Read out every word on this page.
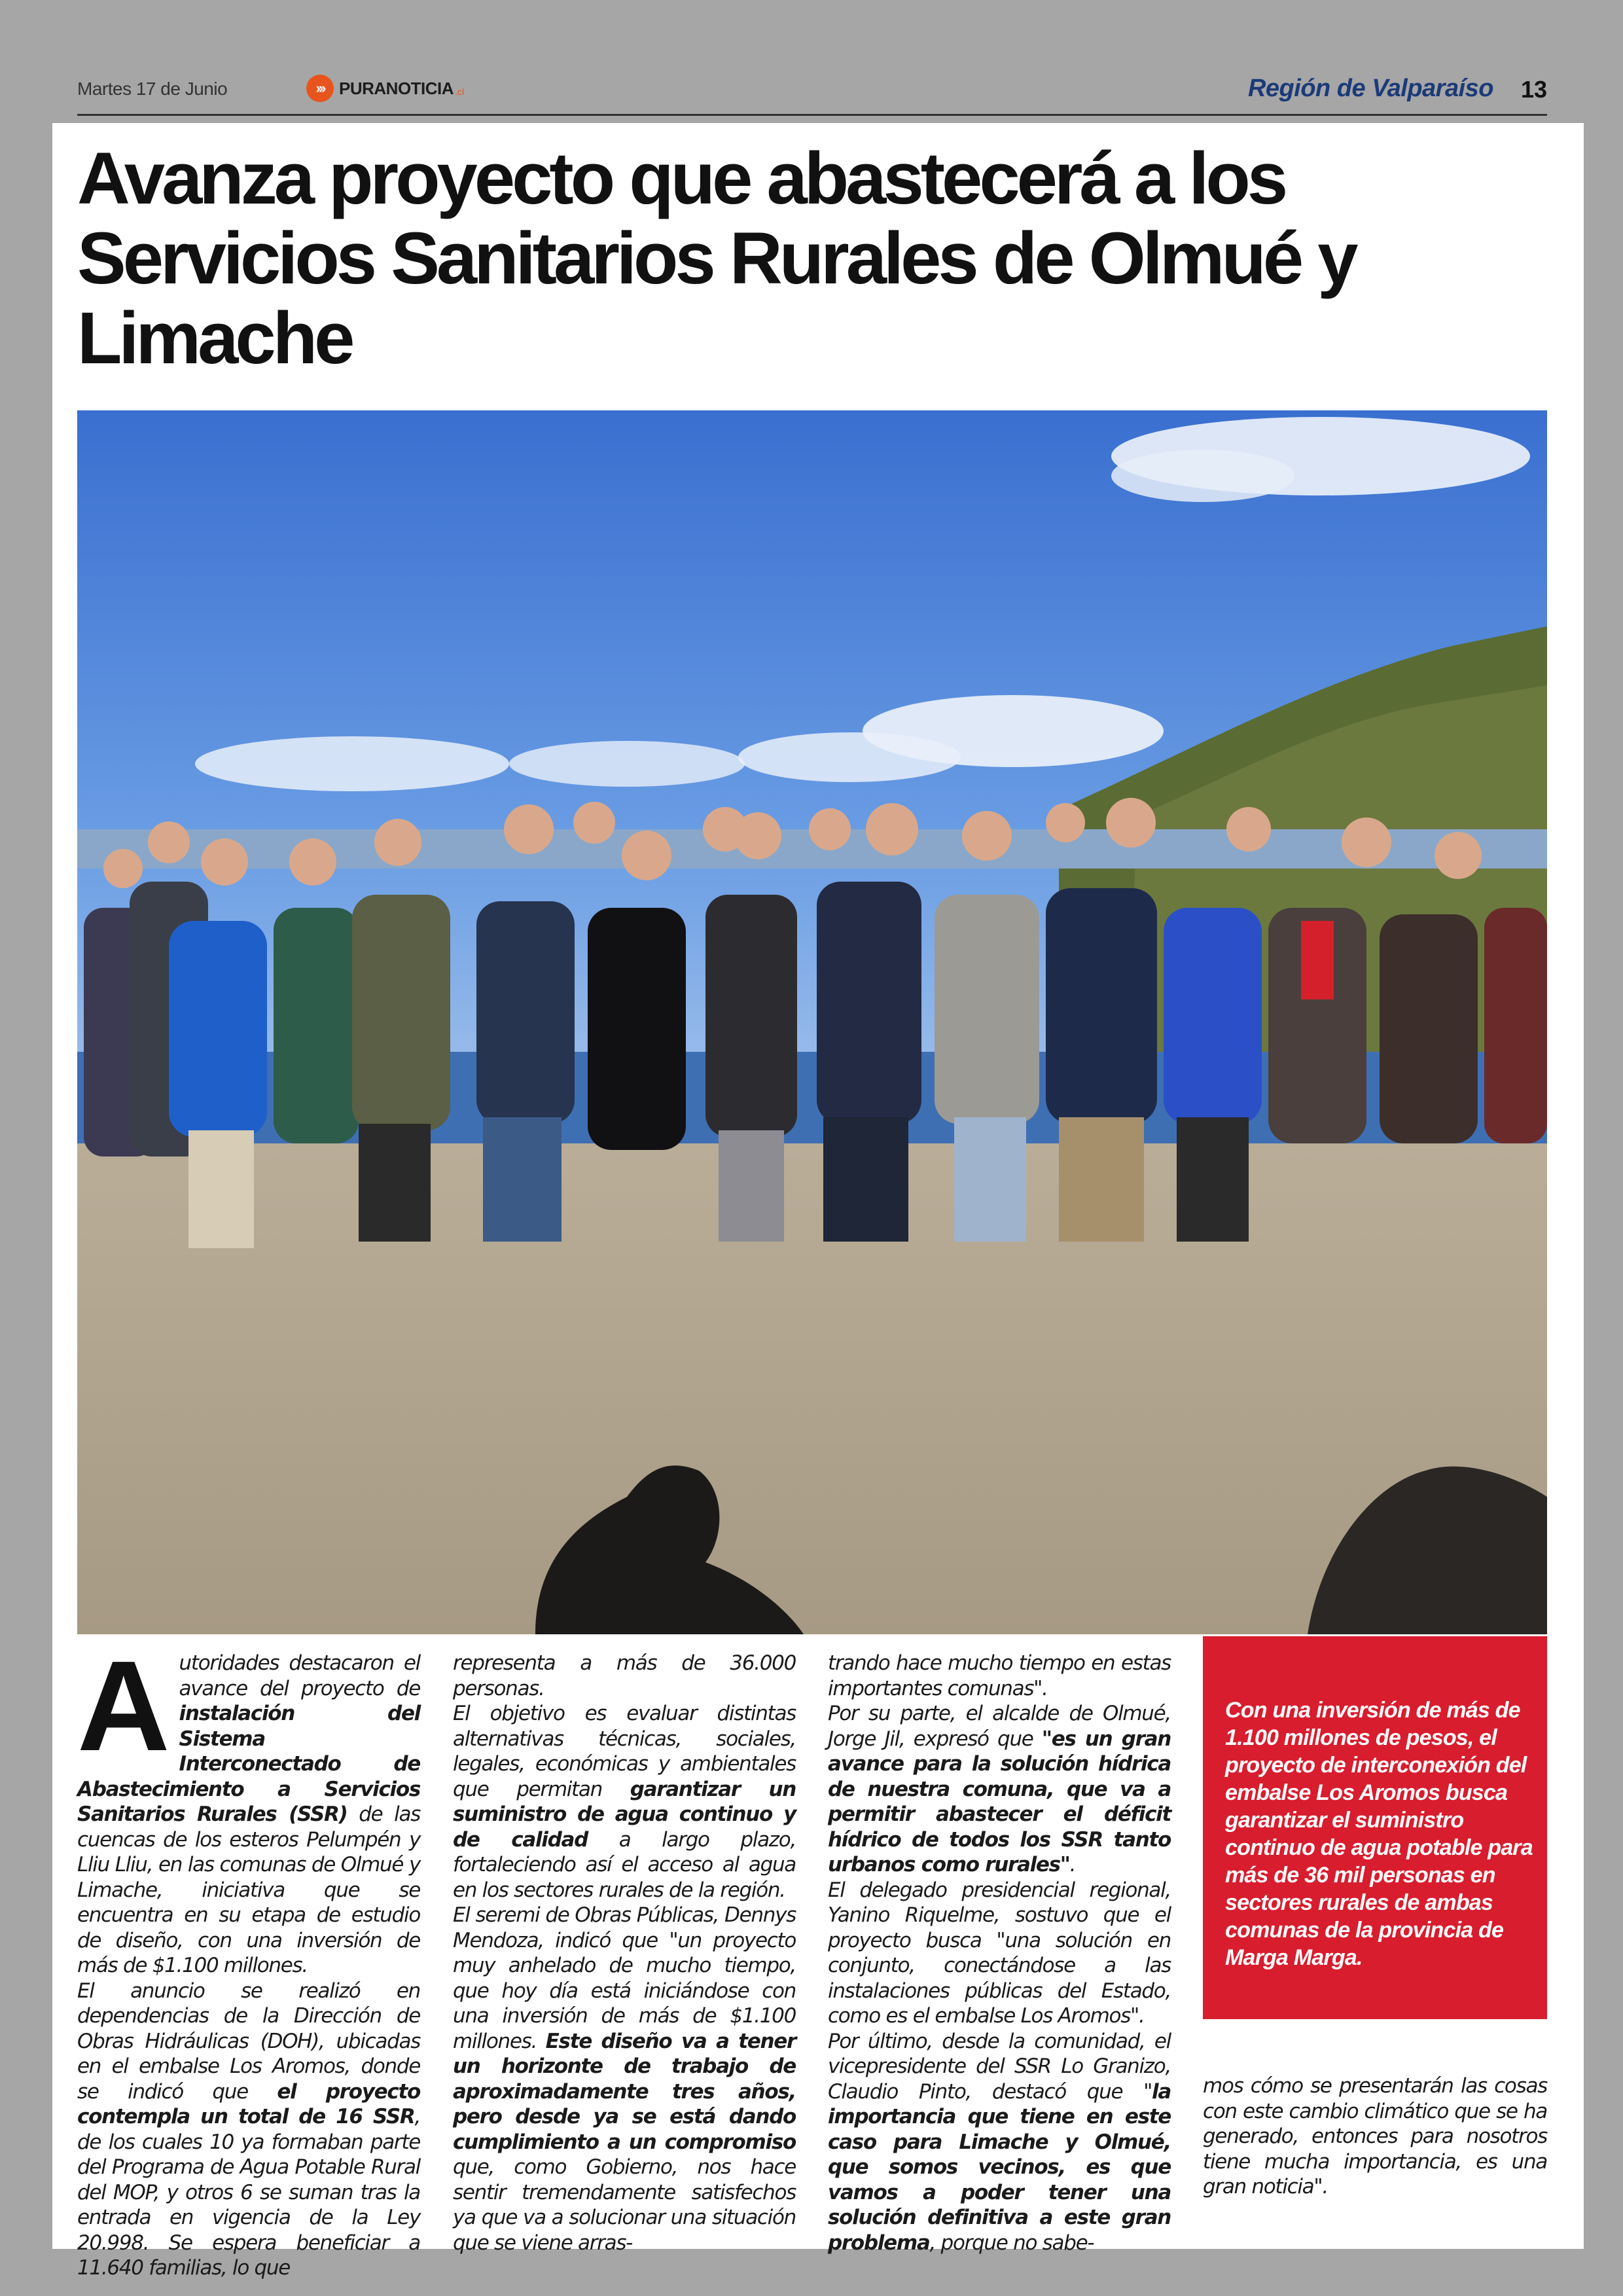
Martes 17 de Junio	››› PURANOTICIA .cl	Región de Valparaíso 13
Avanza proyecto que abastecerá a los Servicios Sanitarios Rurales de Olmué y Limache

A utoridades destacaron el avance del proyecto de instalación del Sistema Interconectado de Abastecimiento a Servicios Sanitarios Rurales (SSR) de las cuencas de los esteros Pelumpén y Lliu Lliu, en las comunas de Olmué y Limache, iniciativa que se encuentra en su etapa de estudio de diseño, con una inversión de más de $1.100 millones.

El anuncio se realizó en dependencias de la Dirección de Obras Hidráulicas (DOH), ubicadas en el embalse Los Aromos, donde se indicó que el proyecto contempla un total de 16 SSR, de los cuales 10 ya formaban parte del Programa de Agua Potable Rural del MOP, y otros 6 se suman tras la entrada en vigencia de la Ley 20.998. Se espera beneficiar a 11.640 familias, lo que

representa a más de 36.000 personas.

El objetivo es evaluar distintas alternativas técnicas, sociales, legales, económicas y ambientales que permitan garantizar un suministro de agua continuo y de calidad a largo plazo, fortaleciendo así el acceso al agua en los sectores rurales de la región.

El seremi de Obras Públicas, Dennys Mendoza, indicó que "un proyecto muy anhelado de mucho tiempo, que hoy día está iniciándose con una inversión de más de $1.100 millones. Este diseño va a tener un horizonte de trabajo de aproximadamente tres años, pero desde ya se está dando cumplimiento a un compromiso que, como Gobierno, nos hace sentir tremendamente satisfechos ya que va a solucionar una situación que se viene arras-

trando hace mucho tiempo en estas importantes comunas".

Por su parte, el alcalde de Olmué, Jorge Jil, expresó que "es un gran avance para la solución hídrica de nuestra comuna, que va a permitir abastecer el déficit hídrico de todos los SSR tanto urbanos como rurales".

El delegado presidencial regional, Yanino Riquelme, sostuvo que el proyecto busca "una solución en conjunto, conectándose a las instalaciones públicas del Estado, como es el embalse Los Aromos".

Por último, desde la comunidad, el vicepresidente del SSR Lo Granizo, Claudio Pinto, destacó que "la importancia que tiene en este caso para Limache y Olmué, que somos vecinos, es que vamos a poder tener una solución definitiva a este gran problema, porque no sabe-

Con una inversión de más de 1.100 millones de pesos, el proyecto de interconexión del embalse Los Aromos busca garantizar el suministro continuo de agua potable para más de 36 mil personas en sectores rurales de ambas comunas de la provincia de Marga Marga.

mos cómo se presentarán las cosas con este cambio climático que se ha generado, entonces para nosotros tiene mucha importancia, es una gran noticia".
